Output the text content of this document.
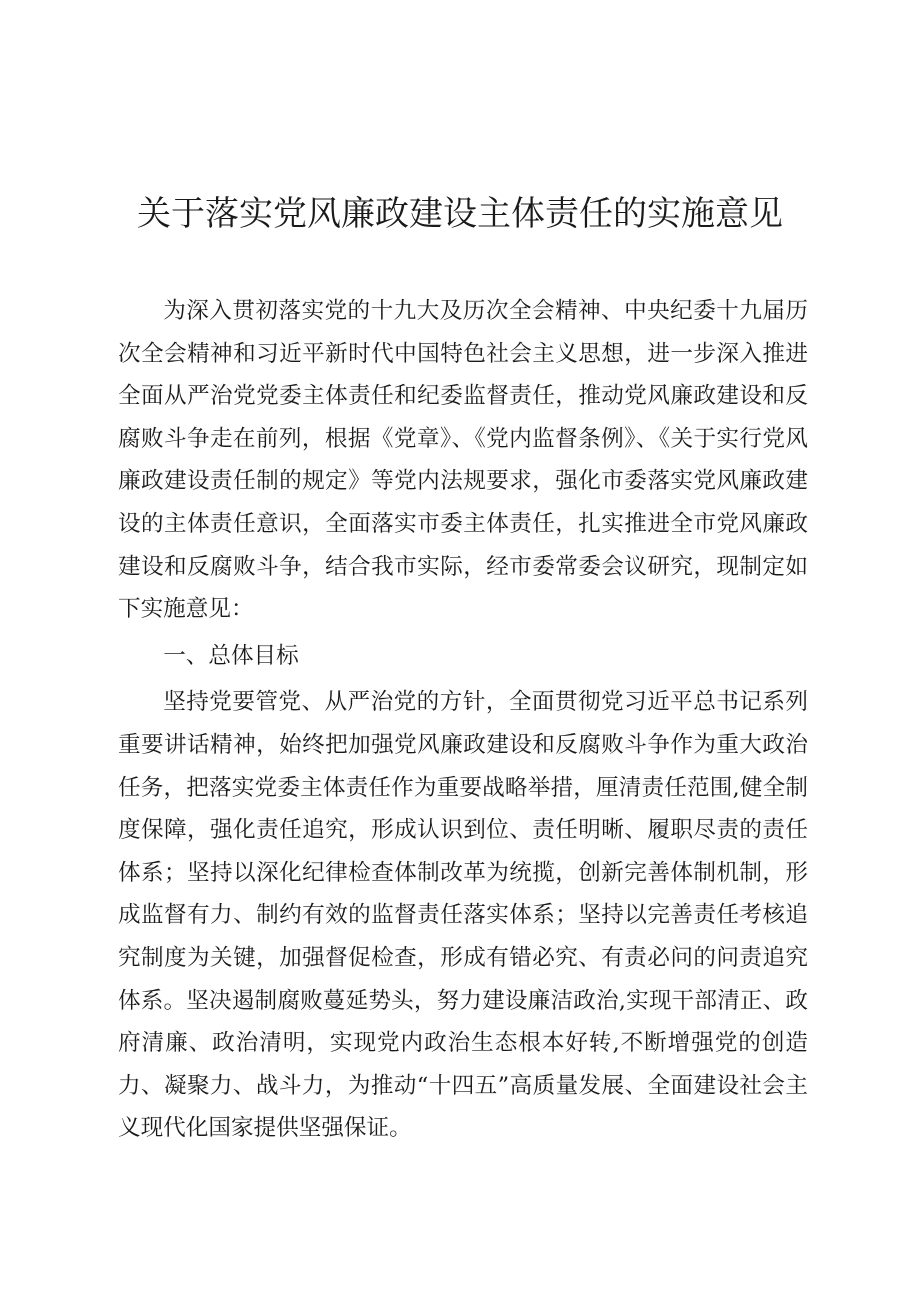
关于落实党风廉政建设主体责任的实施意见

为深入贯初落实党的十九大及历次全会精神、中央纪委十九届历次全会精神和习近平新时代中国特色社会主义思想，进一步深入推进全面从严治党党委主体责任和纪委监督责任，推动党风廉政建设和反腐败斗争走在前列，根据《党章》、《党内监督条例》、《关于实行党风廉政建设责任制的规定》等党内法规要求，强化市委落实党风廉政建设的主体责任意识，全面落实市委主体责任，扎实推进全市党风廉政建设和反腐败斗争，结合我市实际，经市委常委会议研究，现制定如下实施意见：

一、总体目标

坚持党要管党、从严治党的方针，全面贯彻党习近平总书记系列重要讲话精神，始终把加强党风廉政建设和反腐败斗争作为重大政治任务，把落实党委主体责任作为重要战略举措，厘清责任范围,健全制度保障，强化责任追究，形成认识到位、责任明晰、履职尽责的责任体系；坚持以深化纪律检查体制改革为统揽，创新完善体制机制，形成监督有力、制约有效的监督责任落实体系；坚持以完善责任考核追究制度为关键，加强督促检查，形成有错必究、有责必问的问责追究体系。坚决遏制腐败蔓延势头，努力建设廉洁政治,实现干部清正、政府清廉、政治清明，实现党内政治生态根本好转,不断增强党的创造力、凝聚力、战斗力，为推动“十四五”高质量发展、全面建设社会主义现代化国家提供坚强保证。
